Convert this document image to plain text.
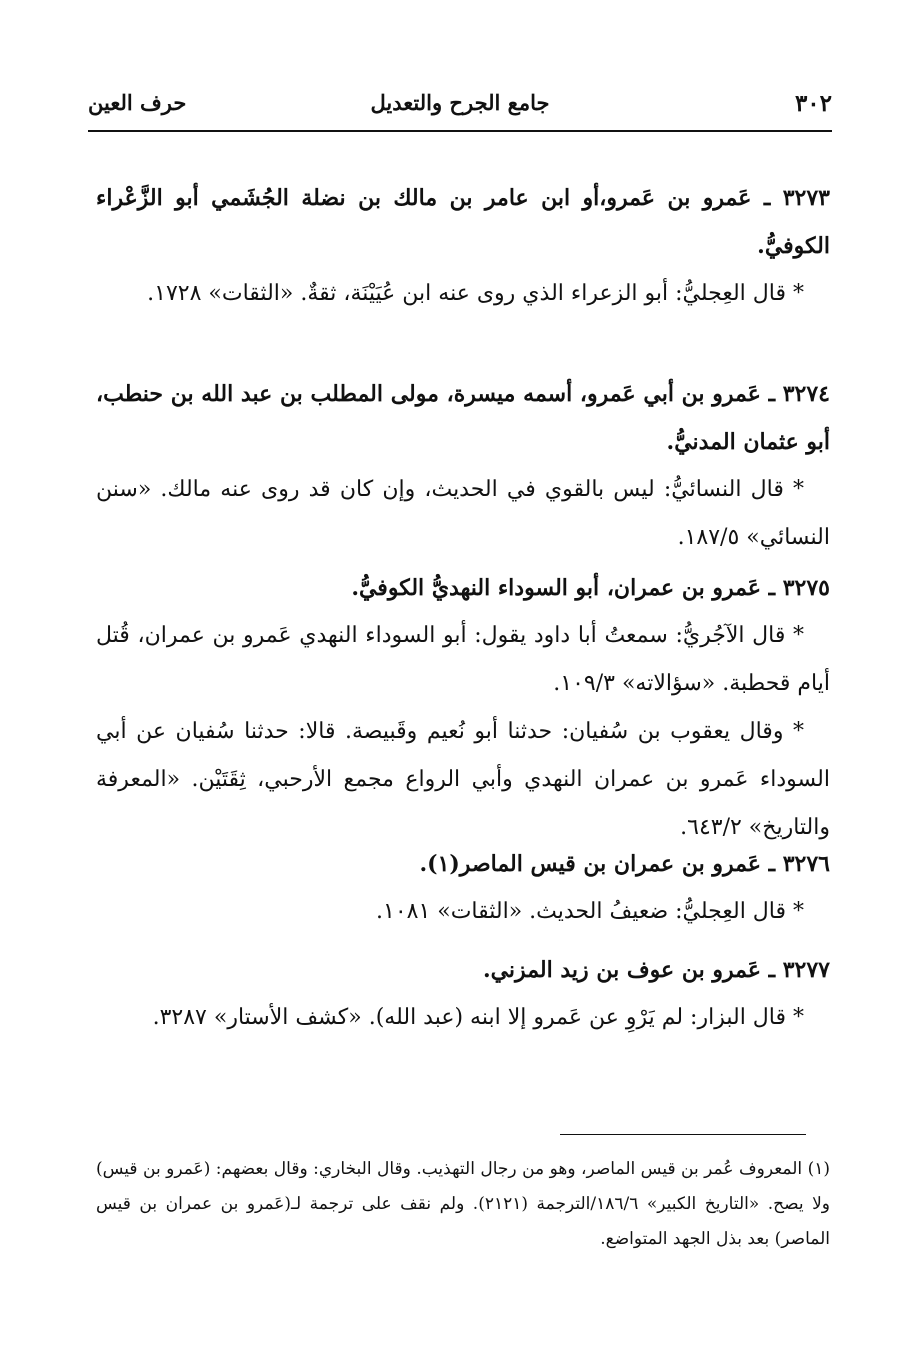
٣٠٢
جامع الجرح والتعديل
حرف العين

٣٢٧٣ ـ عَمرو بن عَمرو،أو ابن عامر بن مالك بن نضلة الجُشَمي أبو الزَّعْراء الكوفيُّ.

* قال العِجليُّ: أبو الزعراء الذي روى عنه ابن عُيَيْنَة، ثقةٌ. «الثقات» ١٧٢٨.

٣٢٧٤ ـ عَمرو بن أبي عَمرو، أسمه ميسرة، مولى المطلب بن عبد الله بن حنطب، أبو عثمان المدنيُّ.

* قال النسائيُّ: ليس بالقوي في الحديث، وإن كان قد روى عنه مالك. «سنن النسائي» ١٨٧/٥.

٣٢٧٥ ـ عَمرو بن عمران، أبو السوداء النهديُّ الكوفيُّ.

* قال الآجُريُّ: سمعتُ أبا داود يقول: أبو السوداء النهدي عَمرو بن عمران، قُتل أيام قحطبة. «سؤالاته» ١٠٩/٣.

* وقال يعقوب بن سُفيان: حدثنا أبو نُعيم وقَبيصة. قالا: حدثنا سُفيان عن أبي السوداء عَمرو بن عمران النهدي وأبي الرواع مجمع الأرحبي، ثِقَتَيْن. «المعرفة والتاريخ» ٦٤٣/٢.

٣٢٧٦ ـ عَمرو بن عمران بن قيس الماصر(١).

* قال العِجليُّ: ضعيفُ الحديث. «الثقات» ١٠٨١.

٣٢٧٧ ـ عَمرو بن عوف بن زيد المزني.

* قال البزار: لم يَرْوِ عن عَمرو إلا ابنه (عبد الله). «كشف الأستار» ٣٢٨٧.

(١) المعروف عُمر بن قيس الماصر، وهو من رجال التهذيب. وقال البخاري: وقال بعضهم: (عَمرو بن قيس) ولا يصح. «التاريخ الكبير» ١٨٦/٦/الترجمة (٢١٢١). ولم نقف على ترجمة لـ(عَمرو بن عمران بن قيس الماصر) بعد بذل الجهد المتواضع.
